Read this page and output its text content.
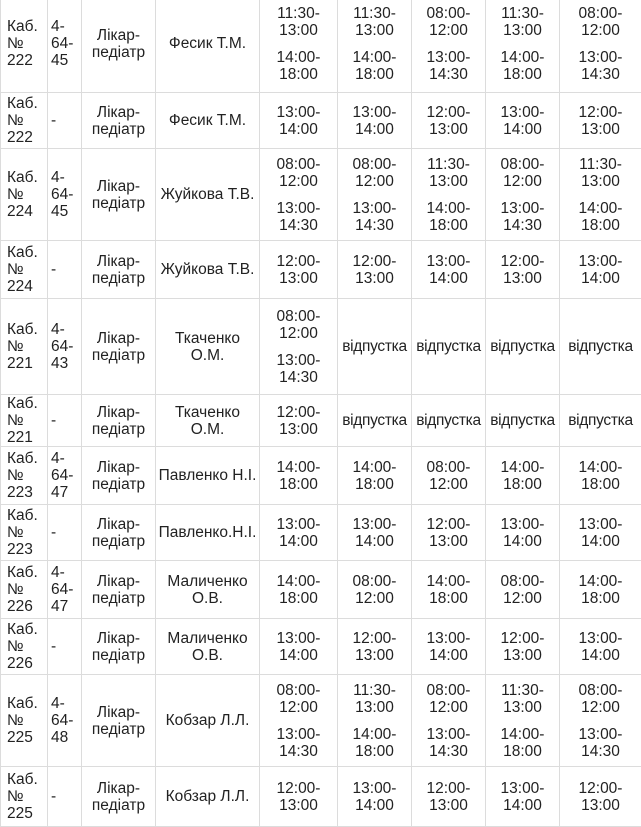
Каб.
№
222	4-
64-
45	Лікар-
педіатр	Фесик Т.М.	11:30-
13:00
14:00-
18:00	11:30-
13:00
14:00-
18:00	08:00-
12:00
13:00-
14:30	11:30-
13:00
14:00-
18:00	08:00-
12:00
13:00-
14:30

Каб.
№
222	-	Лікар-
педіатр	Фесик Т.М.	13:00-
14:00	13:00-
14:00	12:00-
13:00	13:00-
14:00	12:00-
13:00

Каб.
№
224	4-
64-
45	Лікар-
педіатр	Жуйкова Т.В.	08:00-
12:00
13:00-
14:30	08:00-
12:00
13:00-
14:30	11:30-
13:00
14:00-
18:00	08:00-
12:00
13:00-
14:30	11:30-
13:00
14:00-
18:00

Каб.
№
224	-	Лікар-
педіатр	Жуйкова Т.В.	12:00-
13:00	12:00-
13:00	13:00-
14:00	12:00-
13:00	13:00-
14:00

Каб.
№
221	4-
64-
43	Лікар-
педіатр	Ткаченко
О.М.	08:00-
12:00
13:00-
14:30	відпустка	відпустка	відпустка	відпустка

Каб.
№
221	-	Лікар-
педіатр	Ткаченко
О.М.	12:00-
13:00	відпустка	відпустка	відпустка	відпустка

Каб.
№
223	4-
64-
47	Лікар-
педіатр	Павленко Н.І.	14:00-
18:00	14:00-
18:00	08:00-
12:00	14:00-
18:00	14:00-
18:00

Каб.
№
223	-	Лікар-
педіатр	Павленко.Н.І.	13:00-
14:00	13:00-
14:00	12:00-
13:00	13:00-
14:00	13:00-
14:00

Каб.
№
226	4-
64-
47	Лікар-
педіатр	Маличенко
О.В.	14:00-
18:00	08:00-
12:00	14:00-
18:00	08:00-
12:00	14:00-
18:00

Каб.
№
226	-	Лікар-
педіатр	Маличенко
О.В.	13:00-
14:00	12:00-
13:00	13:00-
14:00	12:00-
13:00	13:00-
14:00

Каб.
№
225	4-
64-
48	Лікар-
педіатр	Кобзар Л.Л.	08:00-
12:00
13:00-
14:30	11:30-
13:00
14:00-
18:00	08:00-
12:00
13:00-
14:30	11:30-
13:00
14:00-
18:00	08:00-
12:00
13:00-
14:30

Каб.
№
225	-	Лікар-
педіатр	Кобзар Л.Л.	12:00-
13:00	13:00-
14:00	12:00-
13:00	13:00-
14:00	12:00-
13:00
